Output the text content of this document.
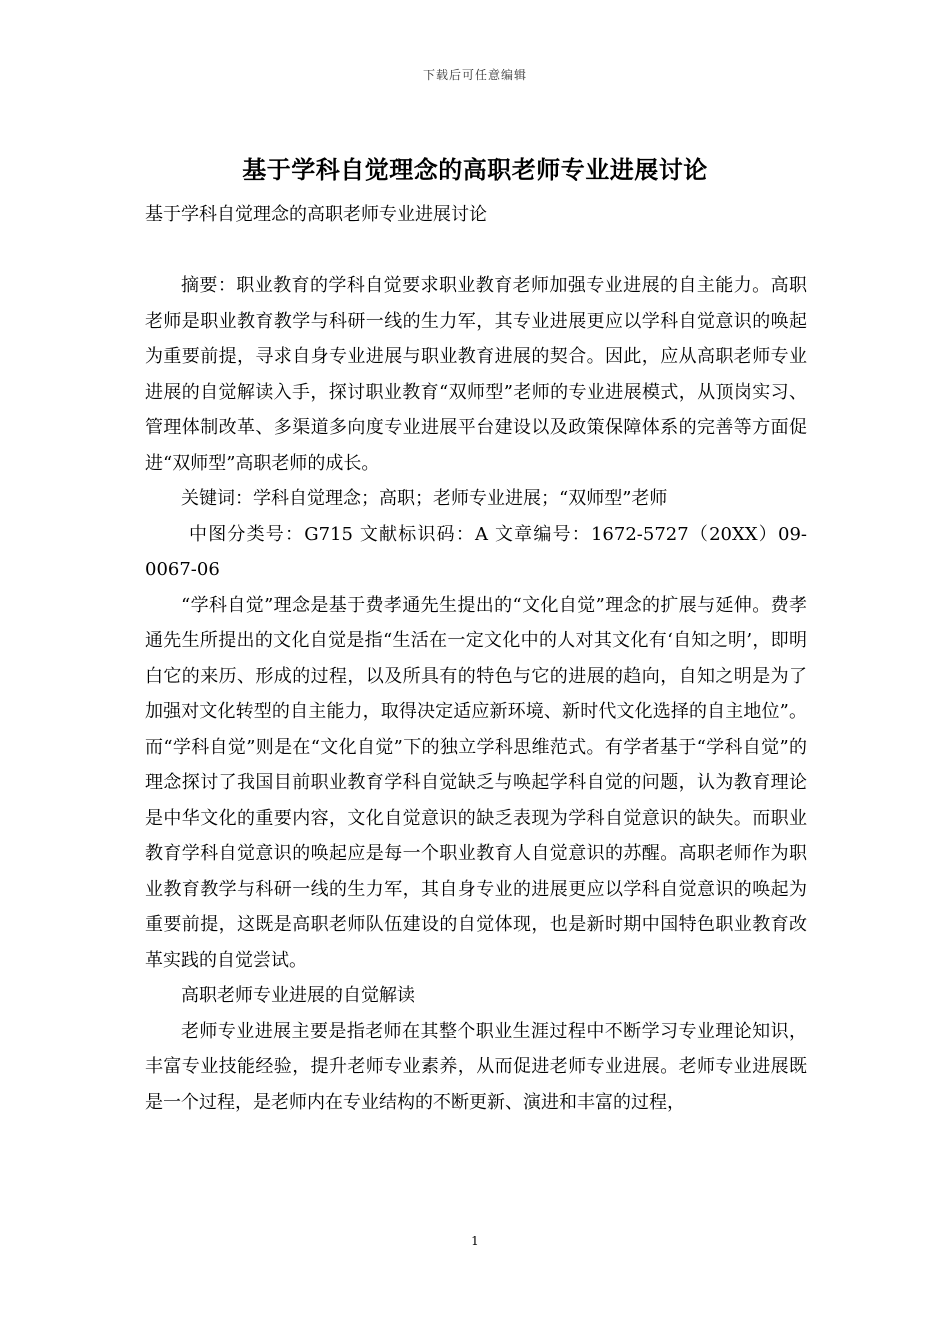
下载后可任意编辑
基于学科自觉理念的高职老师专业进展讨论
基于学科自觉理念的高职老师专业进展讨论

摘要：职业教育的学科自觉要求职业教育老师加强专业进展的自主能力。高职老师是职业教育教学与科研一线的生力军，其专业进展更应以学科自觉意识的唤起为重要前提，寻求自身专业进展与职业教育进展的契合。因此，应从高职老师专业进展的自觉解读入手，探讨职业教育“双师型”老师的专业进展模式，从顶岗实习、管理体制改革、多渠道多向度专业进展平台建设以及政策保障体系的完善等方面促进“双师型”高职老师的成长。

关键词：学科自觉理念；高职；老师专业进展；“双师型”老师

中图分类号：G715 文献标识码：A 文章编号：1672-5727（20XX）09-0067-06

“学科自觉”理念是基于费孝通先生提出的“文化自觉”理念的扩展与延伸。费孝通先生所提出的文化自觉是指“生活在一定文化中的人对其文化有‘自知之明’，即明白它的来历、形成的过程，以及所具有的特色与它的进展的趋向，自知之明是为了加强对文化转型的自主能力，取得决定适应新环境、新时代文化选择的自主地位”。而“学科自觉”则是在“文化自觉”下的独立学科思维范式。有学者基于“学科自觉”的理念探讨了我国目前职业教育学科自觉缺乏与唤起学科自觉的问题，认为教育理论是中华文化的重要内容，文化自觉意识的缺乏表现为学科自觉意识的缺失。而职业教育学科自觉意识的唤起应是每一个职业教育人自觉意识的苏醒。高职老师作为职业教育教学与科研一线的生力军，其自身专业的进展更应以学科自觉意识的唤起为重要前提，这既是高职老师队伍建设的自觉体现，也是新时期中国特色职业教育改革实践的自觉尝试。

高职老师专业进展的自觉解读

老师专业进展主要是指老师在其整个职业生涯过程中不断学习专业理论知识，丰富专业技能经验，提升老师专业素养，从而促进老师专业进展。老师专业进展既是一个过程，是老师内在专业结构的不断更新、演进和丰富的过程，

1
